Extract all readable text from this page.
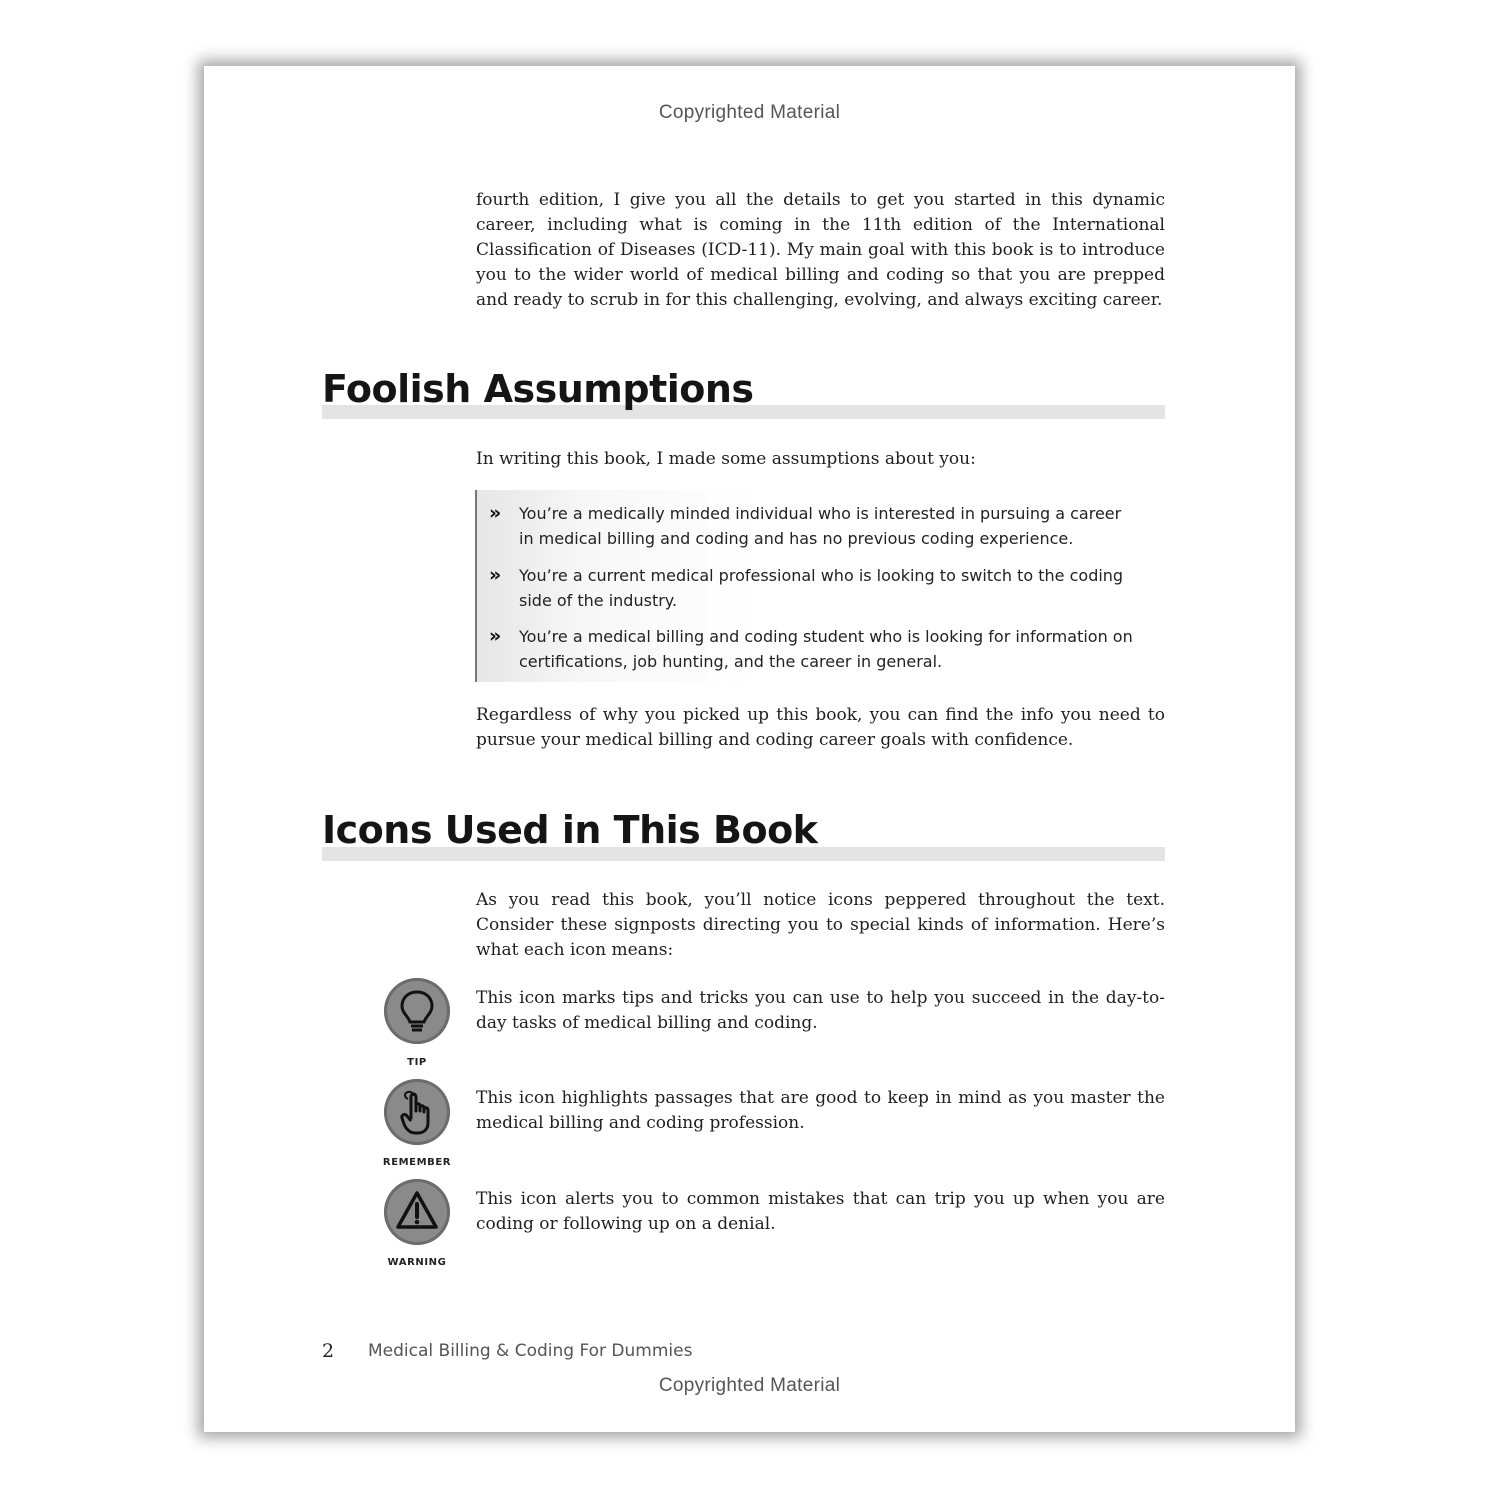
Copyrighted Material

fourth edition, I give you all the details to get you started in this dynamic career, including what is coming in the 11th edition of the International Classification of Diseases (ICD-11). My main goal with this book is to introduce you to the wider world of medical billing and coding so that you are prepped and ready to scrub in for this challenging, evolving, and always exciting career.

Foolish Assumptions

In writing this book, I made some assumptions about you:

» You’re a medically minded individual who is interested in pursuing a career in medical billing and coding and has no previous coding experience.
» You’re a current medical professional who is looking to switch to the coding side of the industry.
» You’re a medical billing and coding student who is looking for information on certifications, job hunting, and the career in general.

Regardless of why you picked up this book, you can find the info you need to pursue your medical billing and coding career goals with confidence.

Icons Used in This Book

As you read this book, you’ll notice icons peppered throughout the text. Consider these signposts directing you to special kinds of information. Here’s what each icon means:

TIP

This icon marks tips and tricks you can use to help you succeed in the day-to-day tasks of medical billing and coding.

REMEMBER

This icon highlights passages that are good to keep in mind as you master the medical billing and coding profession.

WARNING

This icon alerts you to common mistakes that can trip you up when you are coding or following up on a denial.

2 Medical Billing & Coding For Dummies
Copyrighted Material
